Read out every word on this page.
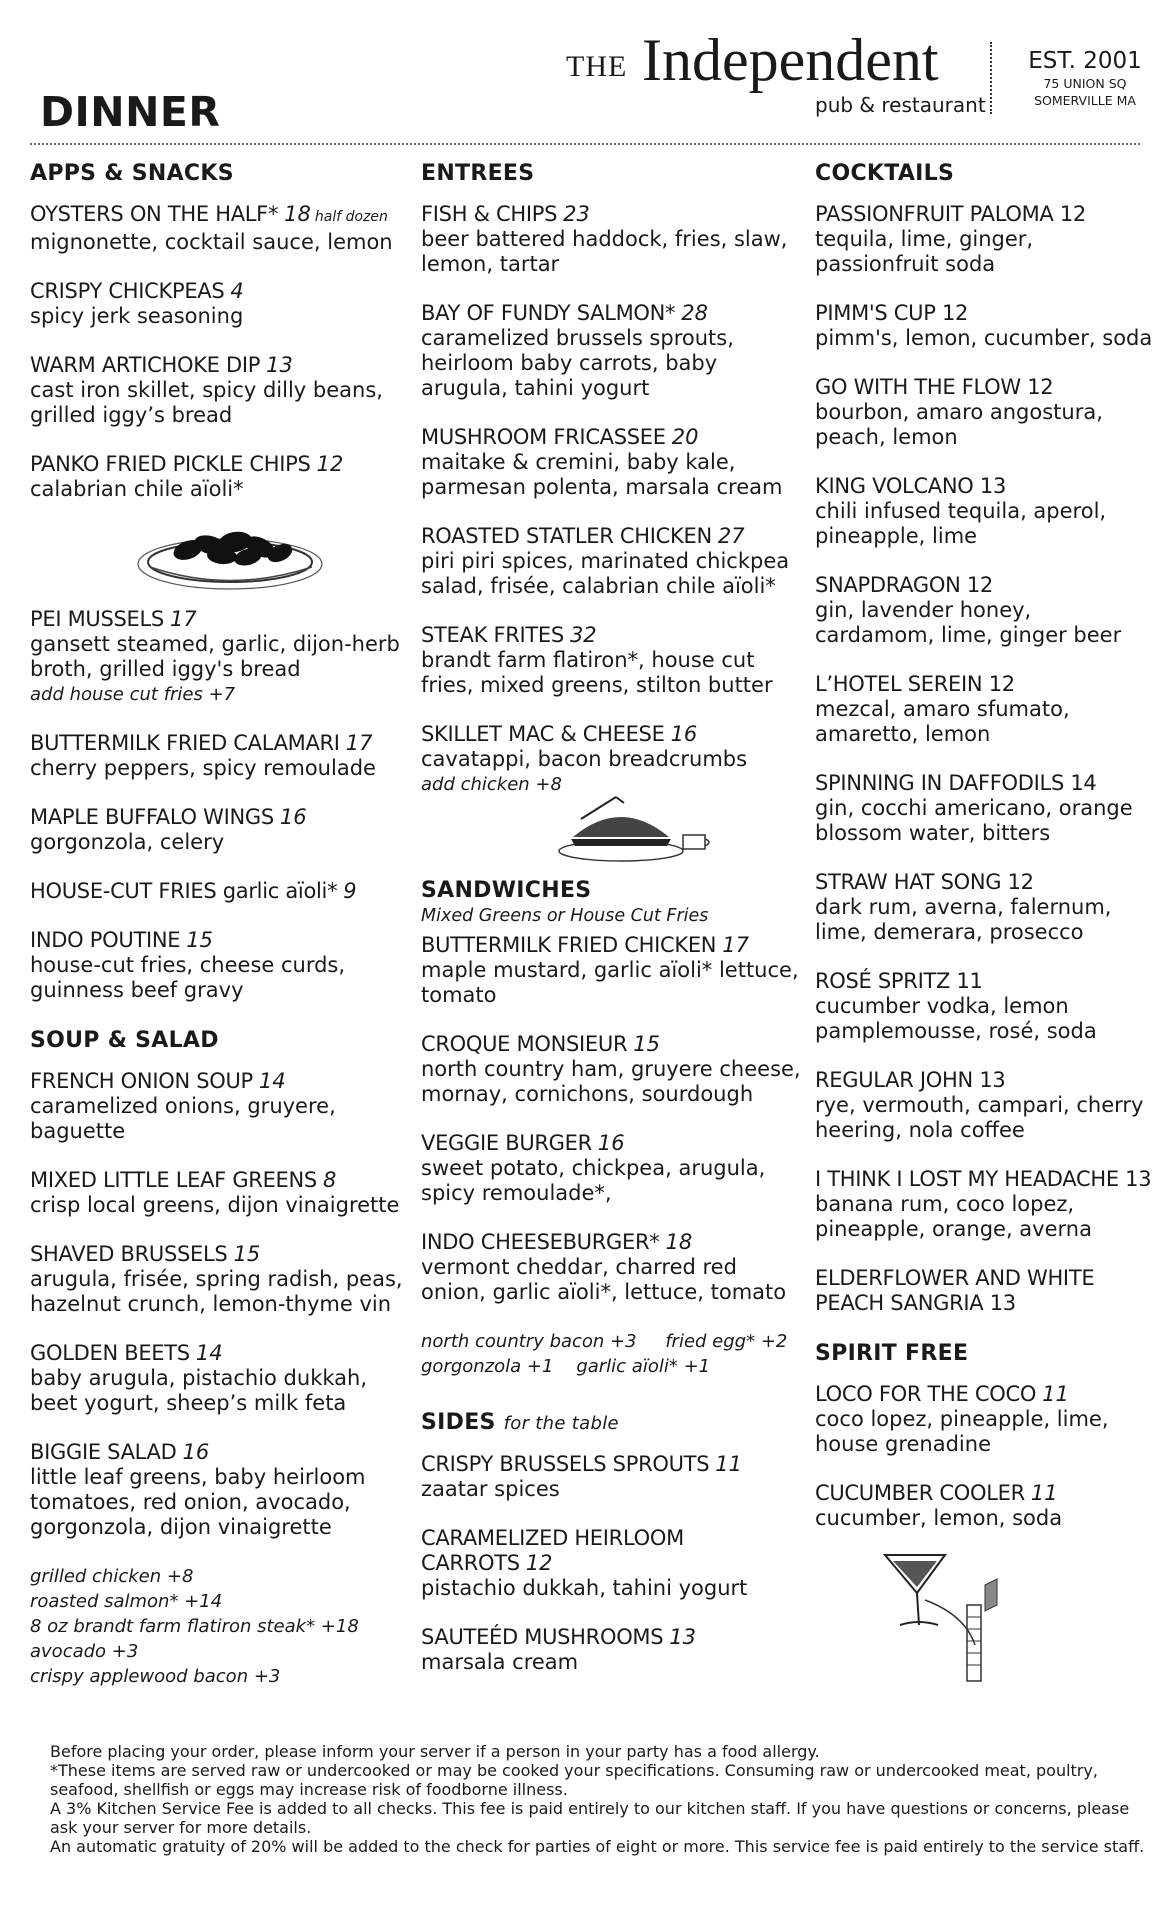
DINNER
THE Independent
pub & restaurant
EST. 2001
75 UNION SQ
SOMERVILLE MA
APPS & SNACKS
OYSTERS ON THE HALF* 18 half dozen
mignonette, cocktail sauce, lemon
CRISPY CHICKPEAS 4
spicy jerk seasoning
WARM ARTICHOKE DIP 13
cast iron skillet, spicy dilly beans, grilled iggy’s bread
PANKO FRIED PICKLE CHIPS 12
calabrian chile aïoli*
PEI MUSSELS 17
gansett steamed, garlic, dijon-herb broth, grilled iggy's bread
add house cut fries +7
BUTTERMILK FRIED CALAMARI 17
cherry peppers, spicy remoulade
MAPLE BUFFALO WINGS 16
gorgonzola, celery
HOUSE-CUT FRIES garlic aïoli* 9
INDO POUTINE 15
house-cut fries, cheese curds, guinness beef gravy
SOUP & SALAD
FRENCH ONION SOUP 14
caramelized onions, gruyere, baguette
MIXED LITTLE LEAF GREENS 8
crisp local greens, dijon vinaigrette
SHAVED BRUSSELS 15
arugula, frisée, spring radish, peas, hazelnut crunch, lemon-thyme vin
GOLDEN BEETS 14
baby arugula, pistachio dukkah, beet yogurt, sheep’s milk feta
BIGGIE SALAD 16
little leaf greens, baby heirloom tomatoes, red onion, avocado, gorgonzola, dijon vinaigrette
grilled chicken +8
roasted salmon* +14
8 oz brandt farm flatiron steak* +18
avocado +3
crispy applewood bacon +3
ENTREES
FISH & CHIPS 23
beer battered haddock, fries, slaw, lemon, tartar
BAY OF FUNDY SALMON* 28
caramelized brussels sprouts, heirloom baby carrots, baby arugula, tahini yogurt
MUSHROOM FRICASSEE 20
maitake & cremini, baby kale, parmesan polenta, marsala cream
ROASTED STATLER CHICKEN 27
piri piri spices, marinated chickpea salad, frisée, calabrian chile aïoli*
STEAK FRITES 32
brandt farm flatiron*, house cut fries, mixed greens, stilton butter
SKILLET MAC & CHEESE 16
cavatappi, bacon breadcrumbs
add chicken +8
SANDWICHES
Mixed Greens or House Cut Fries
BUTTERMILK FRIED CHICKEN 17
maple mustard, garlic aïoli* lettuce, tomato
CROQUE MONSIEUR 15
north country ham, gruyere cheese, mornay, cornichons, sourdough
VEGGIE BURGER 16
sweet potato, chickpea, arugula, spicy remoulade*,
INDO CHEESEBURGER* 18
vermont cheddar, charred red onion, garlic aïoli*, lettuce, tomato
north country bacon +3 fried egg* +2
gorgonzola +1 garlic aïoli* +1
SIDES for the table
CRISPY BRUSSELS SPROUTS 11
zaatar spices
CARAMELIZED HEIRLOOM CARROTS 12
pistachio dukkah, tahini yogurt
SAUTEÉD MUSHROOMS 13
marsala cream
COCKTAILS
PASSIONFRUIT PALOMA 12
tequila, lime, ginger, passionfruit soda
PIMM'S CUP 12
pimm's, lemon, cucumber, soda
GO WITH THE FLOW 12
bourbon, amaro angostura, peach, lemon
KING VOLCANO 13
chili infused tequila, aperol, pineapple, lime
SNAPDRAGON 12
gin, lavender honey, cardamom, lime, ginger beer
L’HOTEL SEREIN 12
mezcal, amaro sfumato, amaretto, lemon
SPINNING IN DAFFODILS 14
gin, cocchi americano, orange blossom water, bitters
STRAW HAT SONG 12
dark rum, averna, falernum, lime, demerara, prosecco
ROSÉ SPRITZ 11
cucumber vodka, lemon pamplemousse, rosé, soda
REGULAR JOHN 13
rye, vermouth, campari, cherry heering, nola coffee
I THINK I LOST MY HEADACHE 13
banana rum, coco lopez, pineapple, orange, averna
ELDERFLOWER AND WHITE PEACH SANGRIA 13
SPIRIT FREE
LOCO FOR THE COCO 11
coco lopez, pineapple, lime, house grenadine
CUCUMBER COOLER 11
cucumber, lemon, soda
Before placing your order, please inform your server if a person in your party has a food allergy.
*These items are served raw or undercooked or may be cooked your specifications. Consuming raw or undercooked meat, poultry, seafood, shellfish or eggs may increase risk of foodborne illness.
A 3% Kitchen Service Fee is added to all checks. This fee is paid entirely to our kitchen staff. If you have questions or concerns, please ask your server for more details.
An automatic gratuity of 20% will be added to the check for parties of eight or more. This service fee is paid entirely to the service staff.
